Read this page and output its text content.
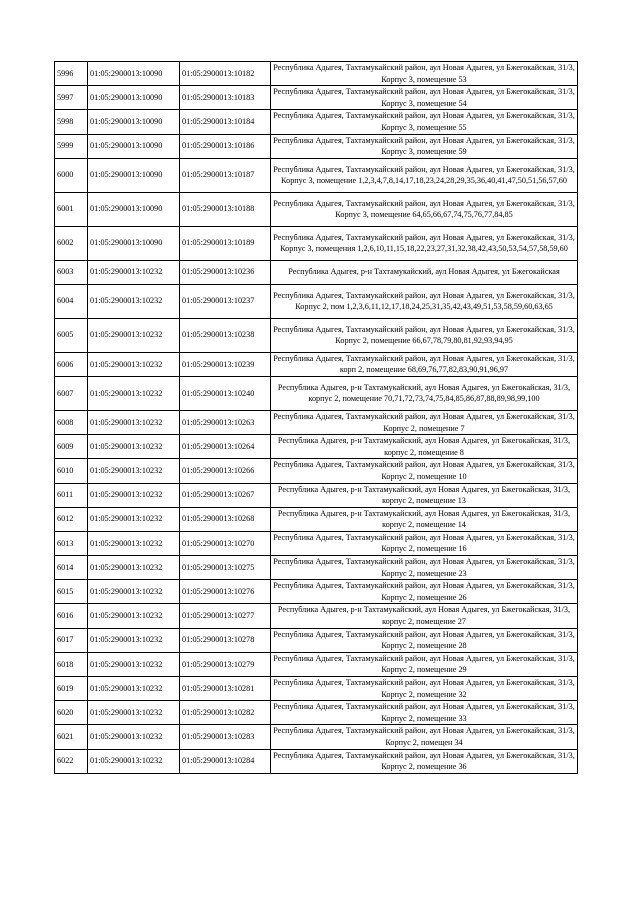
5996	01:05:2900013:10090	01:05:2900013:10182	Республика Адыгея, Тахтамукайский район, аул Новая Адыгея, ул Бжегокайская, 31/3, Корпус 3, помещение 53
5997	01:05:2900013:10090	01:05:2900013:10183	Республика Адыгея, Тахтамукайский район, аул Новая Адыгея, ул Бжегокайская, 31/3, Корпус 3, помещение 54
5998	01:05:2900013:10090	01:05:2900013:10184	Республика Адыгея, Тахтамукайский район, аул Новая Адыгея, ул Бжегокайская, 31/3, Корпус 3, помещение 55
5999	01:05:2900013:10090	01:05:2900013:10186	Республика Адыгея, Тахтамукайский район, аул Новая Адыгея, ул Бжегокайская, 31/3, Корпус 3, помещение 59
6000	01:05:2900013:10090	01:05:2900013:10187	Республика Адыгея, Тахтамукайский район, аул Новая Адыгея, ул Бжегокайская, 31/3, Корпус 3, помещение 1,2,3,4,7,8,14,17,18,23,24,28,29,35,36,40,41,47,50,51,56,57,60
6001	01:05:2900013:10090	01:05:2900013:10188	Республика Адыгея, Тахтамукайский район, аул Новая Адыгея, ул Бжегокайская, 31/3, Корпус 3, помещение 64,65,66,67,74,75,76,77,84,85
6002	01:05:2900013:10090	01:05:2900013:10189	Республика Адыгея, Тахтамукайский район, аул Новая Адыгея, ул Бжегокайская, 31/3, Корпус 3, помещения 1,2,6,10,11,15,18,22,23,27,31,32,38,42,43,50,53,54,57,58,59,60
6003	01:05:2900013:10232	01:05:2900013:10236	Республика Адыгея, р-н Тахтамукайский, аул Новая Адыгея, ул Бжегокайская
6004	01:05:2900013:10232	01:05:2900013:10237	Республика Адыгея, Тахтамукайский район, аул Новая Адыгея, ул Бжегокайская, 31/3, Корпус 2, пом 1,2,3,6,11,12,17,18,24,25,31,35,42,43,49,51,53,58,59,60,63,65
6005	01:05:2900013:10232	01:05:2900013:10238	Республика Адыгея, Тахтамукайский район, аул Новая Адыгея, ул Бжегокайская, 31/3, Корпус 2, помещение 66,67,78,79,80,81,92,93,94,95
6006	01:05:2900013:10232	01:05:2900013:10239	Республика Адыгея, Тахтамукайский район, аул Новая Адыгея, ул Бжегокайская, 31/3, корп 2, помещение 68,69,76,77,82,83,90,91,96,97
6007	01:05:2900013:10232	01:05:2900013:10240	Республика Адыгея, р-н Тахтамукайский, аул Новая Адыгея, ул Бжегокайская, 31/3, корпус 2, помещение 70,71,72,73,74,75,84,85,86,87,88,89,98,99,100
6008	01:05:2900013:10232	01:05:2900013:10263	Республика Адыгея, Тахтамукайский район, аул Новая Адыгея, ул Бжегокайская, 31/3, Корпус 2, помещение 7
6009	01:05:2900013:10232	01:05:2900013:10264	Республика Адыгея, р-н Тахтамукайский, аул Новая Адыгея, ул Бжегокайская, 31/3, корпус 2, помещение 8
6010	01:05:2900013:10232	01:05:2900013:10266	Республика Адыгея, Тахтамукайский район, аул Новая Адыгея, ул Бжегокайская, 31/3, Корпус 2, помещение 10
6011	01:05:2900013:10232	01:05:2900013:10267	Республика Адыгея, р-н Тахтамукайский, аул Новая Адыгея, ул Бжегокайская, 31/3, корпус 2, помещение 13
6012	01:05:2900013:10232	01:05:2900013:10268	Республика Адыгея, р-н Тахтамукайский, аул Новая Адыгея, ул Бжегокайская, 31/3, корпус 2, помещение 14
6013	01:05:2900013:10232	01:05:2900013:10270	Республика Адыгея, Тахтамукайский район, аул Новая Адыгея, ул Бжегокайская, 31/3, Корпус 2, помещение 16
6014	01:05:2900013:10232	01:05:2900013:10275	Республика Адыгея, Тахтамукайский район, аул Новая Адыгея, ул Бжегокайская, 31/3, Корпус 2, помещение 23
6015	01:05:2900013:10232	01:05:2900013:10276	Республика Адыгея, Тахтамукайский район, аул Новая Адыгея, ул Бжегокайская, 31/3, Корпус 2, помещение 26
6016	01:05:2900013:10232	01:05:2900013:10277	Республика Адыгея, р-н Тахтамукайский, аул Новая Адыгея, ул Бжегокайская, 31/3, корпус 2, помещение 27
6017	01:05:2900013:10232	01:05:2900013:10278	Республика Адыгея, Тахтамукайский район, аул Новая Адыгея, ул Бжегокайская, 31/3, Корпус 2, помещение 28
6018	01:05:2900013:10232	01:05:2900013:10279	Республика Адыгея, Тахтамукайский район, аул Новая Адыгея, ул Бжегокайская, 31/3, Корпус 2, помещение 29
6019	01:05:2900013:10232	01:05:2900013:10281	Республика Адыгея, Тахтамукайский район, аул Новая Адыгея, ул Бжегокайская, 31/3, Корпус 2, помещение 32
6020	01:05:2900013:10232	01:05:2900013:10282	Республика Адыгея, Тахтамукайский район, аул Новая Адыгея, ул Бжегокайская, 31/3, Корпус 2, помещение 33
6021	01:05:2900013:10232	01:05:2900013:10283	Республика Адыгея, Тахтамукайский район, аул Новая Адыгея, ул Бжегокайская, 31/3, Корпус 2, помещен 34
6022	01:05:2900013:10232	01:05:2900013:10284	Республика Адыгея, Тахтамукайский район, аул Новая Адыгея, ул Бжегокайская, 31/3, Корпус 2, помещение 36
